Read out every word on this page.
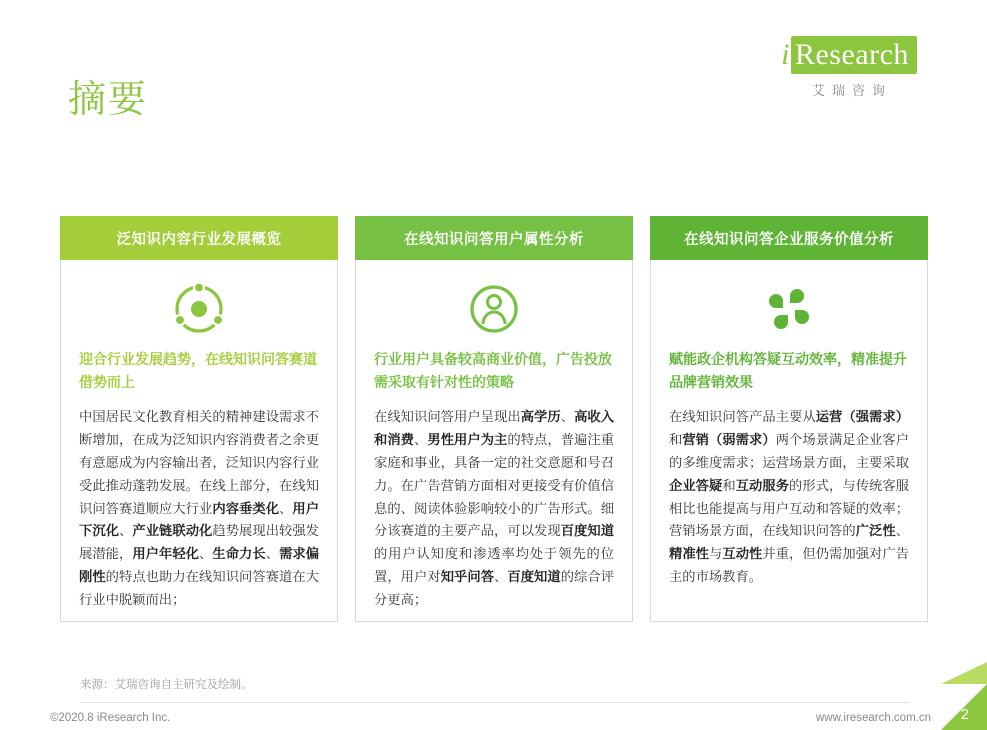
摘要
i Research
艾瑞咨询
泛知识内容行业发展概览
迎合行业发展趋势，在线知识问答赛道借势而上
中国居民文化教育相关的精神建设需求不断增加，在成为泛知识内容消费者之余更有意愿成为内容输出者，泛知识内容行业受此推动蓬勃发展。在线上部分，在线知识问答赛道顺应大行业内容垂类化、用户下沉化、产业链联动化趋势展现出较强发展潜能，用户年轻化、生命力长、需求偏刚性的特点也助力在线知识问答赛道在大行业中脱颖而出；
在线知识问答用户属性分析
行业用户具备较高商业价值，广告投放需采取有针对性的策略
在线知识问答用户呈现出高学历、高收入和消费、男性用户为主的特点，普遍注重家庭和事业，具备一定的社交意愿和号召力。在广告营销方面相对更接受有价值信息的、阅读体验影响较小的广告形式。细分该赛道的主要产品，可以发现百度知道的用户认知度和渗透率均处于领先的位置，用户对知乎问答、百度知道的综合评分更高；
在线知识问答企业服务价值分析
赋能政企机构答疑互动效率，精准提升品牌营销效果
在线知识问答产品主要从运营（强需求）和营销（弱需求）两个场景满足企业客户的多维度需求；运营场景方面，主要采取企业答疑和互动服务的形式，与传统客服相比也能提高与用户互动和答疑的效率；营销场景方面，在线知识问答的广泛性、精准性与互动性并重，但仍需加强对广告主的市场教育。
来源：艾瑞咨询自主研究及绘制。
©2020.8 iResearch Inc.	www.iresearch.com.cn 2
